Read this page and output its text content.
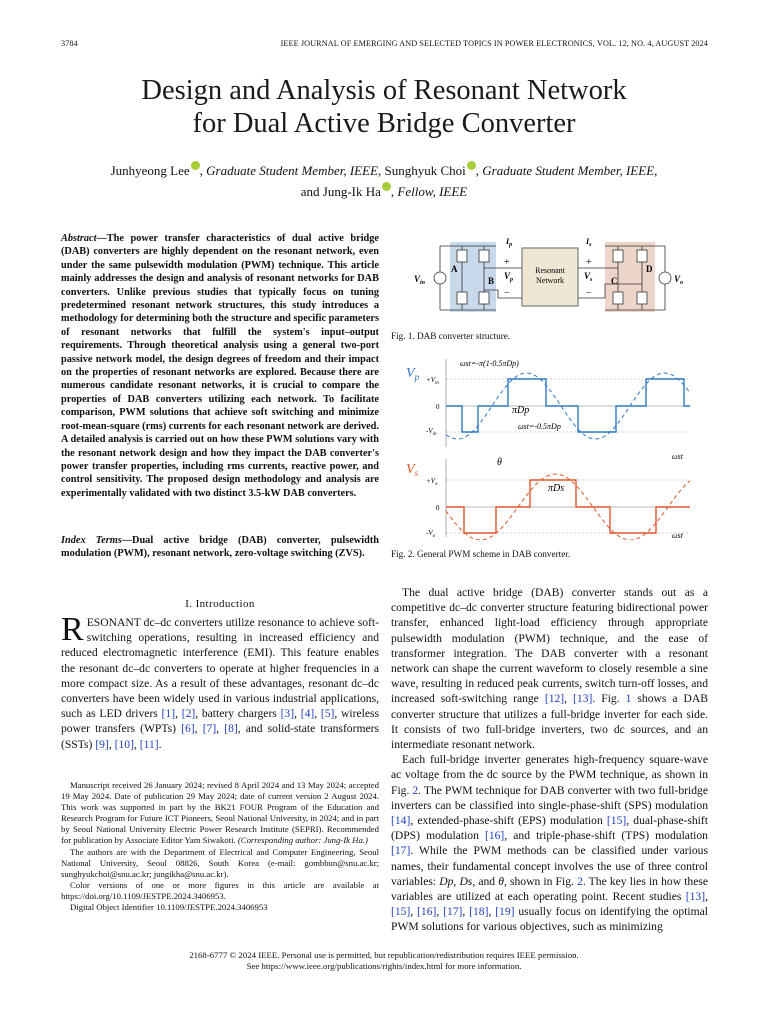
3784	IEEE JOURNAL OF EMERGING AND SELECTED TOPICS IN POWER ELECTRONICS, VOL. 12, NO. 4, AUGUST 2024
Design and Analysis of Resonant Network
for Dual Active Bridge Converter
Junhyeong Lee , Graduate Student Member, IEEE, Sunghyuk Choi , Graduate Student Member, IEEE,
and Jung-Ik Ha , Fellow, IEEE
Abstract—The power transfer characteristics of dual active bridge (DAB) converters are highly dependent on the resonant network, even under the same pulsewidth modulation (PWM) technique. This article mainly addresses the design and analysis of resonant networks for DAB converters. Unlike previous studies that typically focus on tuning predetermined resonant network structures, this study introduces a methodology for determining both the structure and specific parameters of resonant networks that fulfill the system's input–output requirements. Through theoretical analysis using a general two-port passive network model, the design degrees of freedom and their impact on the properties of resonant networks are explored. Because there are numerous candidate resonant networks, it is crucial to compare the properties of DAB converters utilizing each network. To facilitate comparison, PWM solutions that achieve soft switching and minimize root-mean-square (rms) currents for each resonant network are derived. A detailed analysis is carried out on how these PWM solutions vary with the resonant network design and how they impact the DAB converter's power transfer properties, including rms currents, reactive power, and control sensitivity. The proposed design methodology and analysis are experimentally validated with two distinct 3.5-kW DAB converters.
Index Terms—Dual active bridge (DAB) converter, pulsewidth modulation (PWM), resonant network, zero-voltage switching (ZVS).
I. Introduction
RESONANT dc–dc converters utilize resonance to achieve soft-switching operations, resulting in increased efficiency and reduced electromagnetic interference (EMI). This feature enables the resonant dc–dc converters to operate at higher frequencies in a more compact size. As a result of these advantages, resonant dc–dc converters have been widely used in various industrial applications, such as LED drivers [1], [2], battery chargers [3], [4], [5], wireless power transfers (WPTs) [6], [7], [8], and solid-state transformers (SSTs) [9], [10], [11].

Manuscript received 26 January 2024; revised 8 April 2024 and 13 May 2024; accepted 19 May 2024. Date of publication 29 May 2024; date of current version 2 August 2024. This work was supported in part by the BK21 FOUR Program of the Education and Research Program for Future ICT Pioneers, Seoul National University, in 2024; and in part by Seoul National University Electric Power Research Institute (SEPRI). Recommended for publication by Associate Editor Yam Siwakoti. (Corresponding author: Jung-Ik Ha.)

The authors are with the Department of Electrical and Computer Engineering, Seoul National University, Seoul 08826, South Korea (e-mail: gombbun@snu.ac.kr; sunghyukchoi@snu.ac.kr; jungikha@snu.ac.kr).

Color versions of one or more figures in this article are available at https://doi.org/10.1109/JESTPE.2024.3406953.

Digital Object Identifier 10.1109/JESTPE.2024.3406953

Resonant
Network
$V_{in}$	$V_o$
A
B	C
D
$I_p$	$I_s$
$V_p$	$V_s$
+
−
+
−
Fig. 1. DAB converter structure.
$V_p$
$V_s$
$+V_{in}$
0
$-V_{in}$
$+V_o$
0
$-V_o$
ωst=-π(1-0.5πDp)
πDp
ωst=-0.5πDp
θ
πDs
ωst
ωst
Fig. 2. General PWM scheme in DAB converter.

The dual active bridge (DAB) converter stands out as a competitive dc–dc converter structure featuring bidirectional power transfer, enhanced light-load efficiency through appropriate pulsewidth modulation (PWM) technique, and the ease of transformer integration. The DAB converter with a resonant network can shape the current waveform to closely resemble a sine wave, resulting in reduced peak currents, switch turn-off losses, and increased soft-switching range [12], [13]. Fig. 1 shows a DAB converter structure that utilizes a full-bridge inverter for each side. It consists of two full-bridge inverters, two dc sources, and an intermediate resonant network.

Each full-bridge inverter generates high-frequency square-wave ac voltage from the dc source by the PWM technique, as shown in Fig. 2. The PWM technique for DAB converter with two full-bridge inverters can be classified into single-phase-shift (SPS) modulation [14], extended-phase-shift (EPS) modulation [15], dual-phase-shift (DPS) modulation [16], and triple-phase-shift (TPS) modulation [17]. While the PWM methods can be classified under various names, their fundamental concept involves the use of three control variables: Dp, Ds, and θ, shown in Fig. 2. The key lies in how these variables are utilized at each operating point. Recent studies [13], [15], [16], [17], [18], [19] usually focus on identifying the optimal PWM solutions for various objectives, such as minimizing

2168-6777 © 2024 IEEE. Personal use is permitted, but republication/redistribution requires IEEE permission.
See https://www.ieee.org/publications/rights/index.html for more information.
